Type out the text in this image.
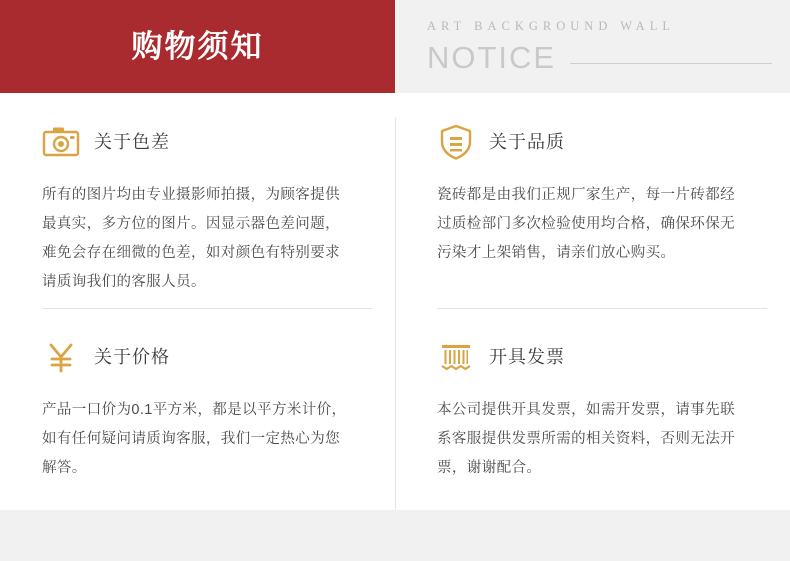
购物须知
ART BACKGROUND WALL
NOTICE
关于色差
所有的图片均由专业摄影师拍摄，为顾客提供最真实，多方位的图片。因显示器色差问题，难免会存在细微的色差，如对颜色有特别要求请质询我们的客服人员。
关于品质
瓷砖都是由我们正规厂家生产，每一片砖都经过质检部门多次检验使用均合格，确保环保无污染才上架销售，请亲们放心购买。
关于价格
产品一口价为0.1平方米，都是以平方米计价，如有任何疑问请质询客服，我们一定热心为您解答。
开具发票
本公司提供开具发票，如需开发票，请事先联系客服提供发票所需的相关资料，否则无法开票，谢谢配合。
